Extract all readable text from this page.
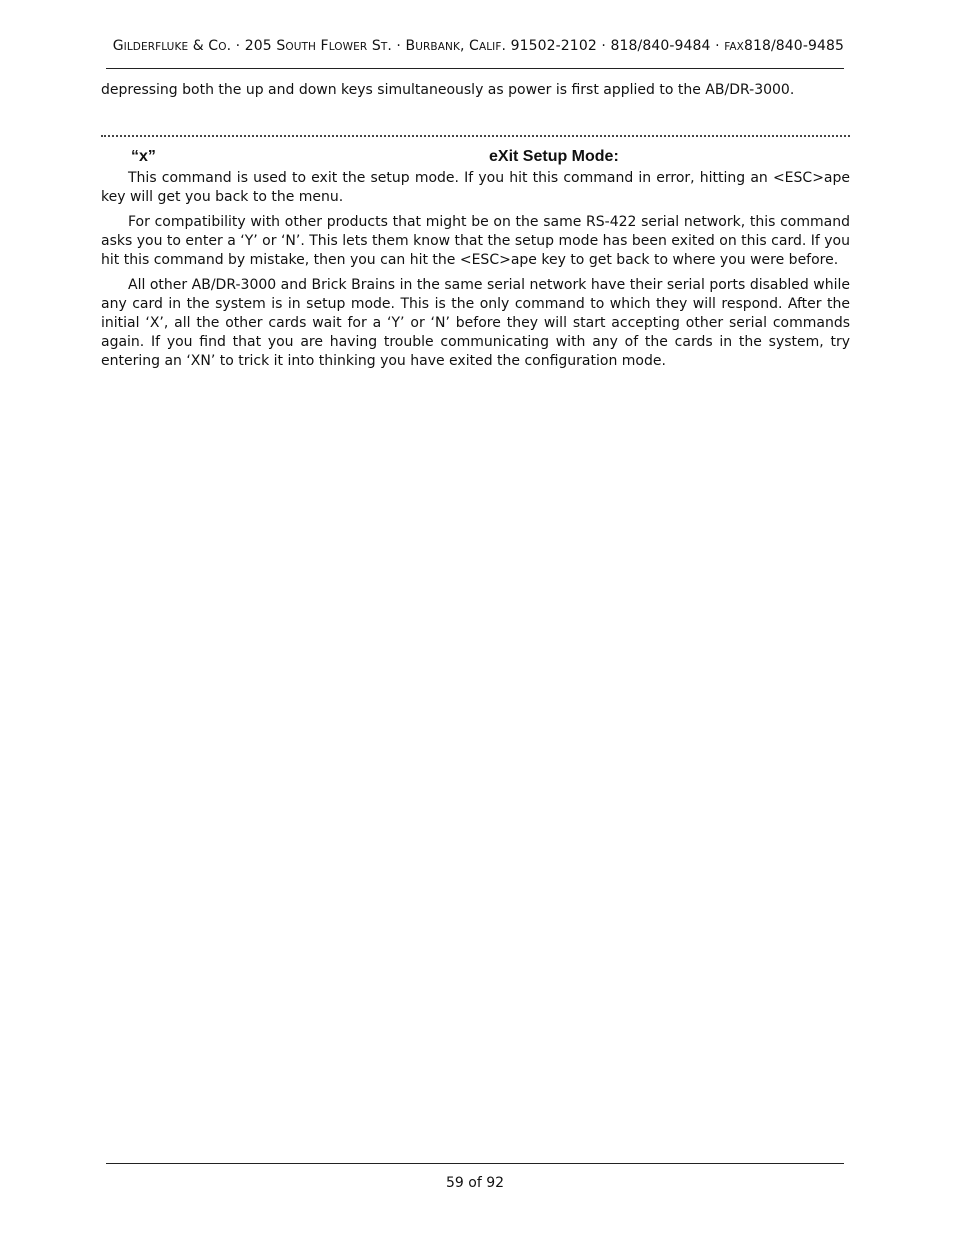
GILDERFLUKE & CO. · 205 SOUTH FLOWER ST. · BURBANK, CALIF. 91502-2102 · 818/840-9484 · FAX818/840-9485

depressing both the up and down keys simultaneously as power is first applied to the AB/DR-3000.

“x”	eXit Setup Mode:

This command is used to exit the setup mode. If you hit this command in error, hitting an <ESC>ape key will get you back to the menu.

For compatibility with other products that might be on the same RS-422 serial network, this command asks you to enter a ‘Y’ or ‘N’. This lets them know that the setup mode has been exited on this card. If you hit this command by mistake, then you can hit the <ESC>ape key to get back to where you were before.

All other AB/DR-3000 and Brick Brains in the same serial network have their serial ports disabled while any card in the system is in setup mode. This is the only command to which they will respond. After the initial ‘X’, all the other cards wait for a ‘Y’ or ‘N’ before they will start accepting other serial commands again. If you find that you are having trouble communicating with any of the cards in the system, try entering an ‘XN’ to trick it into thinking you have exited the configuration mode.

59 of 92
